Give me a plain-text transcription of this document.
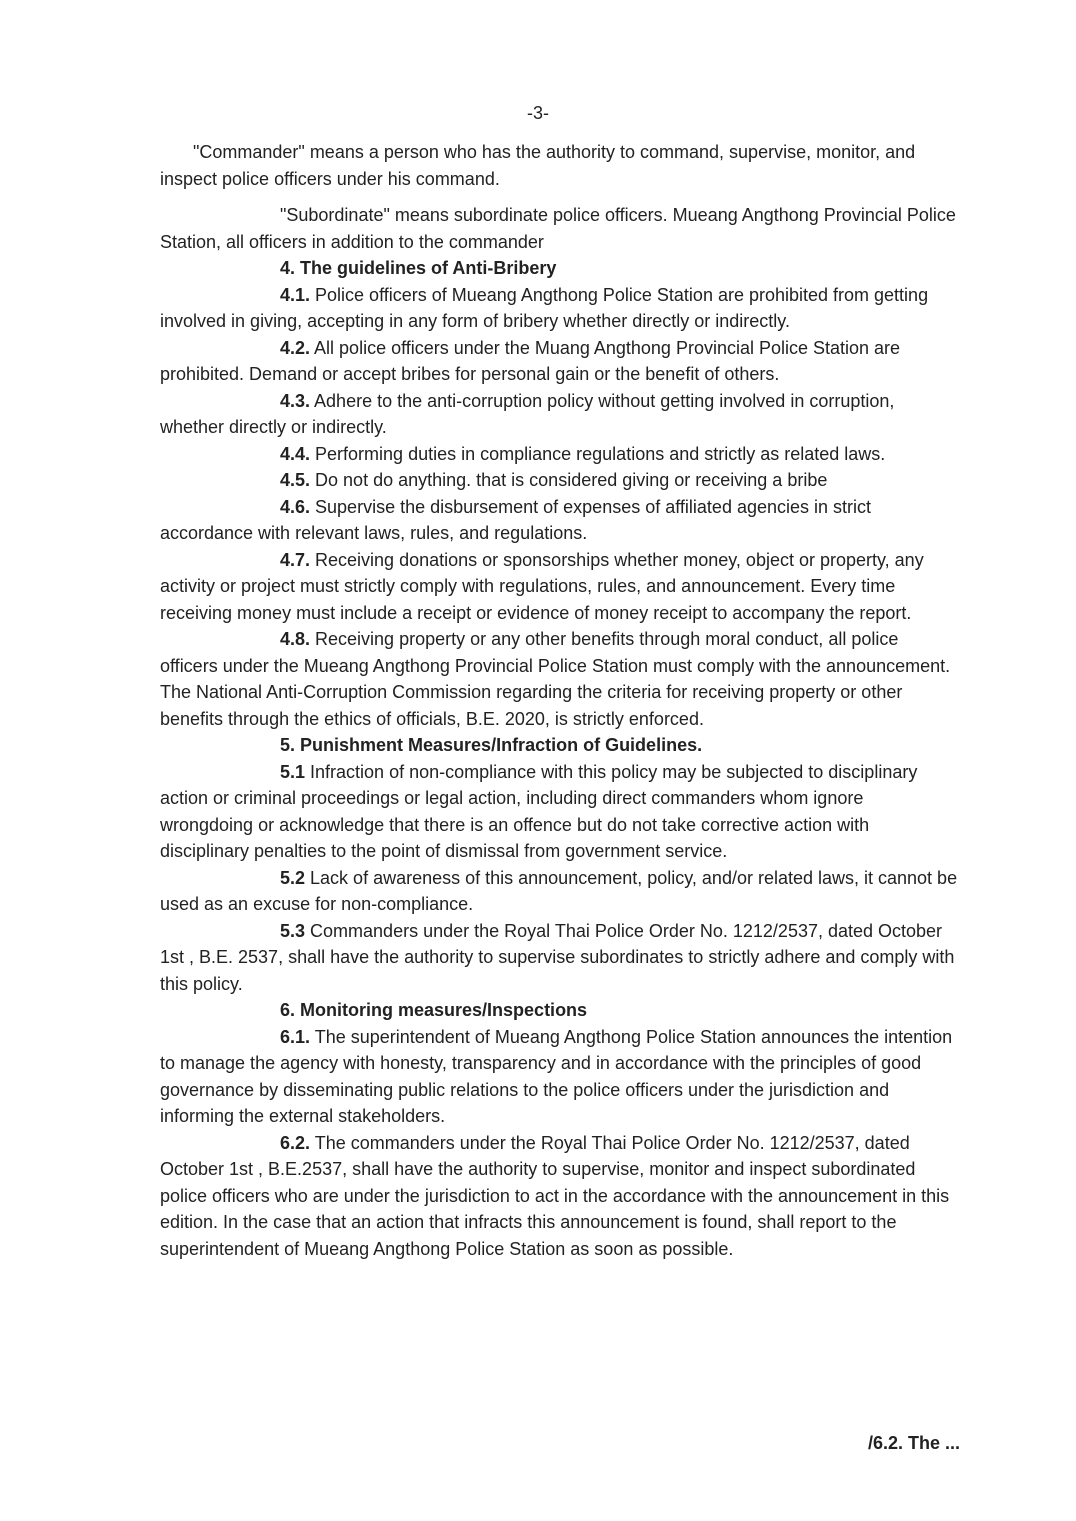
-3-

"Commander" means a person who has the authority to command, supervise, monitor, and inspect police officers under his command.

"Subordinate" means subordinate police officers. Mueang Angthong Provincial Police Station, all officers in addition to the commander

4. The guidelines of Anti-Bribery

4.1. Police officers of Mueang Angthong Police Station are prohibited from getting involved in giving, accepting in any form of bribery whether directly or indirectly.

4.2. All police officers under the Muang Angthong Provincial Police Station are prohibited. Demand or accept bribes for personal gain or the benefit of others.

4.3. Adhere to the anti-corruption policy without getting involved in corruption, whether directly or indirectly.

4.4. Performing duties in compliance regulations and strictly as related laws.

4.5. Do not do anything. that is considered giving or receiving a bribe

4.6. Supervise the disbursement of expenses of affiliated agencies in strict accordance with relevant laws, rules, and regulations.

4.7. Receiving donations or sponsorships whether money, object or property, any activity or project must strictly comply with regulations, rules, and announcement. Every time receiving money must include a receipt or evidence of money receipt to accompany the report.

4.8. Receiving property or any other benefits through moral conduct, all police officers under the Mueang Angthong Provincial Police Station must comply with the announcement. The National Anti-Corruption Commission regarding the criteria for receiving property or other benefits through the ethics of officials, B.E. 2020, is strictly enforced.

5. Punishment Measures/Infraction of Guidelines.

5.1 Infraction of non-compliance with this policy may be subjected to disciplinary action or criminal proceedings or legal action, including direct commanders whom ignore wrongdoing or acknowledge that there is an offence but do not take corrective action with disciplinary penalties to the point of dismissal from government service.

5.2 Lack of awareness of this announcement, policy, and/or related laws, it cannot be used as an excuse for non-compliance.

5.3 Commanders under the Royal Thai Police Order No. 1212/2537, dated October 1st , B.E. 2537, shall have the authority to supervise subordinates to strictly adhere and comply with this policy.

6. Monitoring measures/Inspections

6.1. The superintendent of Mueang Angthong Police Station announces the intention to manage the agency with honesty, transparency and in accordance with the principles of good governance by disseminating public relations to the police officers under the jurisdiction and informing the external stakeholders.

6.2. The commanders under the Royal Thai Police Order No. 1212/2537, dated October 1st , B.E.2537, shall have the authority to supervise, monitor and inspect subordinated police officers who are under the jurisdiction to act in the accordance with the announcement in this edition. In the case that an action that infracts this announcement is found, shall report to the superintendent of Mueang Angthong Police Station as soon as possible.

/6.2. The ...
